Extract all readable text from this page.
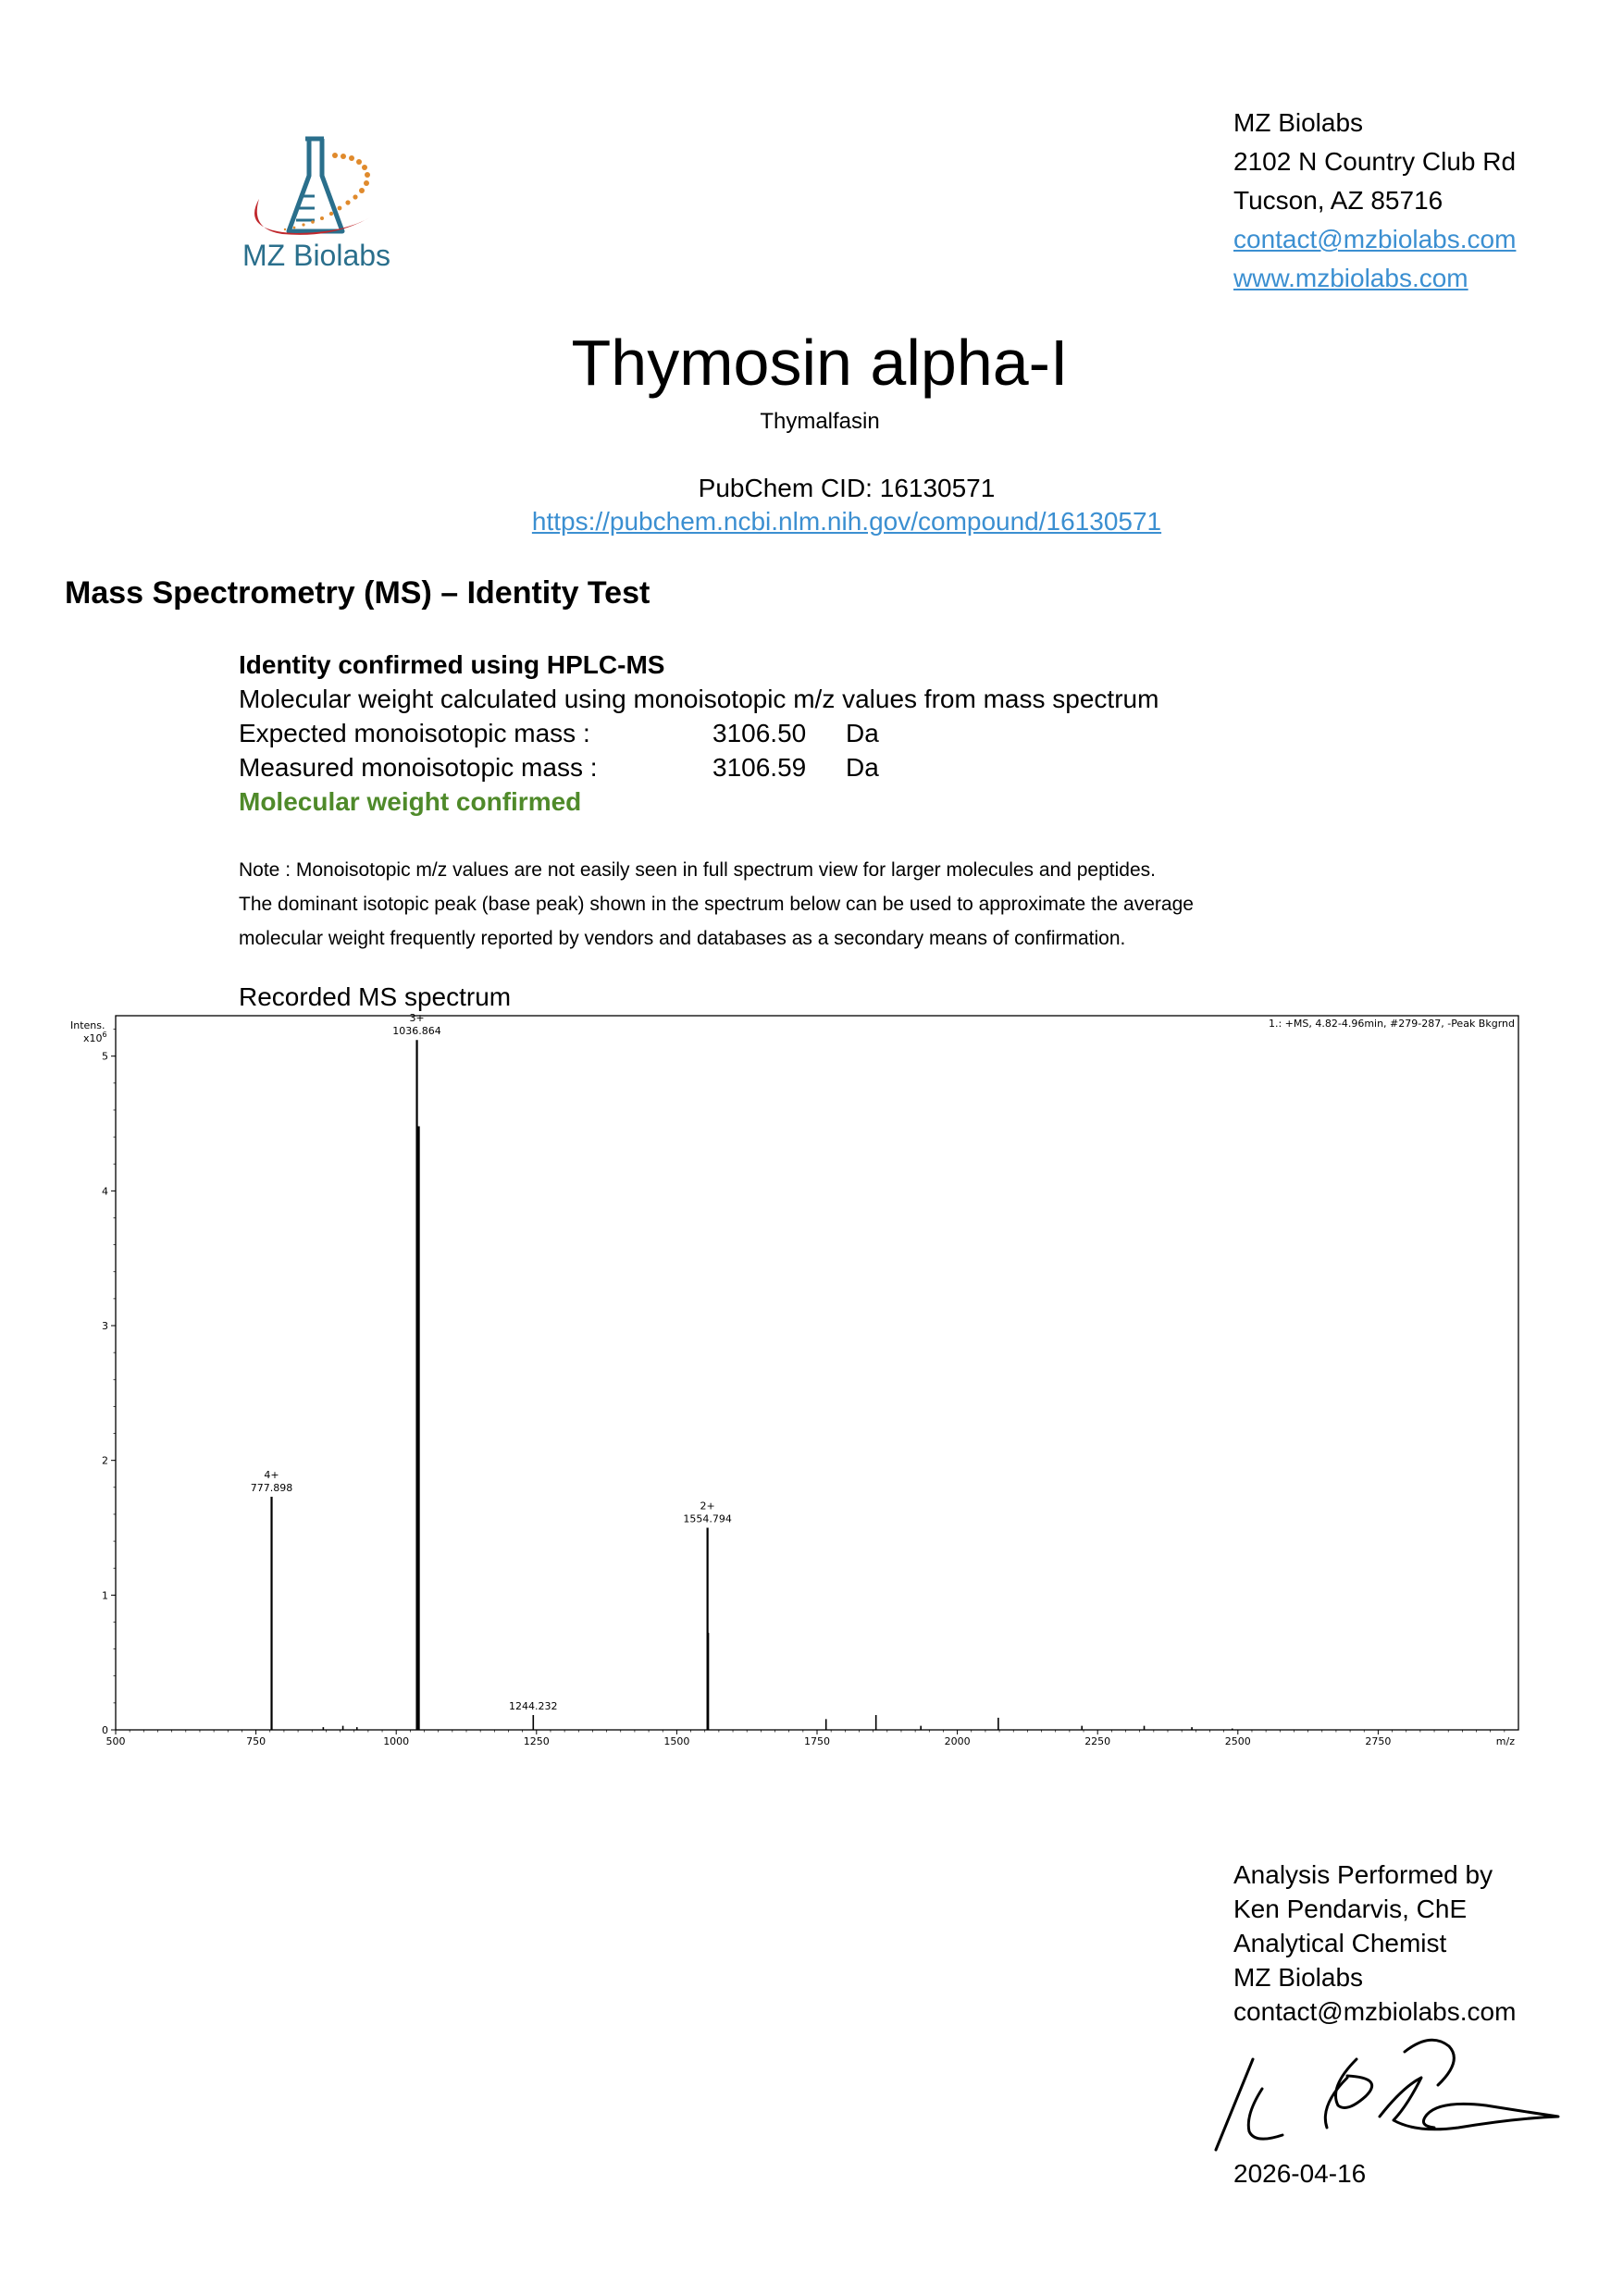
MZ Biolabs
MZ Biolabs
2102 N Country Club Rd
Tucson, AZ 85716
contact@mzbiolabs.com
www.mzbiolabs.com
Thymosin alpha-I
Thymalfasin
PubChem CID: 16130571
https://pubchem.ncbi.nlm.nih.gov/compound/16130571
Mass Spectrometry (MS) – Identity Test
Identity confirmed using HPLC-MS
Molecular weight calculated using monoisotopic m/z values from mass spectrum
Expected monoisotopic mass :	3106.50 Da
Measured monoisotopic mass :	3106.59 Da
Molecular weight confirmed
Note : Monoisotopic m/z values are not easily seen in full spectrum view for larger molecules and peptides.
The dominant isotopic peak (base peak) shown in the spectrum below can be used to approximate the average
molecular weight frequently reported by vendors and databases as a secondary means of confirmation.
Recorded MS spectrum
Intens.
$x10^6$
1.: +MS, 4.82-4.96min, #279-287, -Peak Bkgrnd
m/z
500	750	1000	1250	1500	1750	2000	2250	2500	2750
0
1
2
3
4
5
777.898
4+
1036.864
3+
1244.232
1554.794
2+
Analysis Performed by
Ken Pendarvis, ChE
Analytical Chemist
MZ Biolabs
contact@mzbiolabs.com
2026-04-16
